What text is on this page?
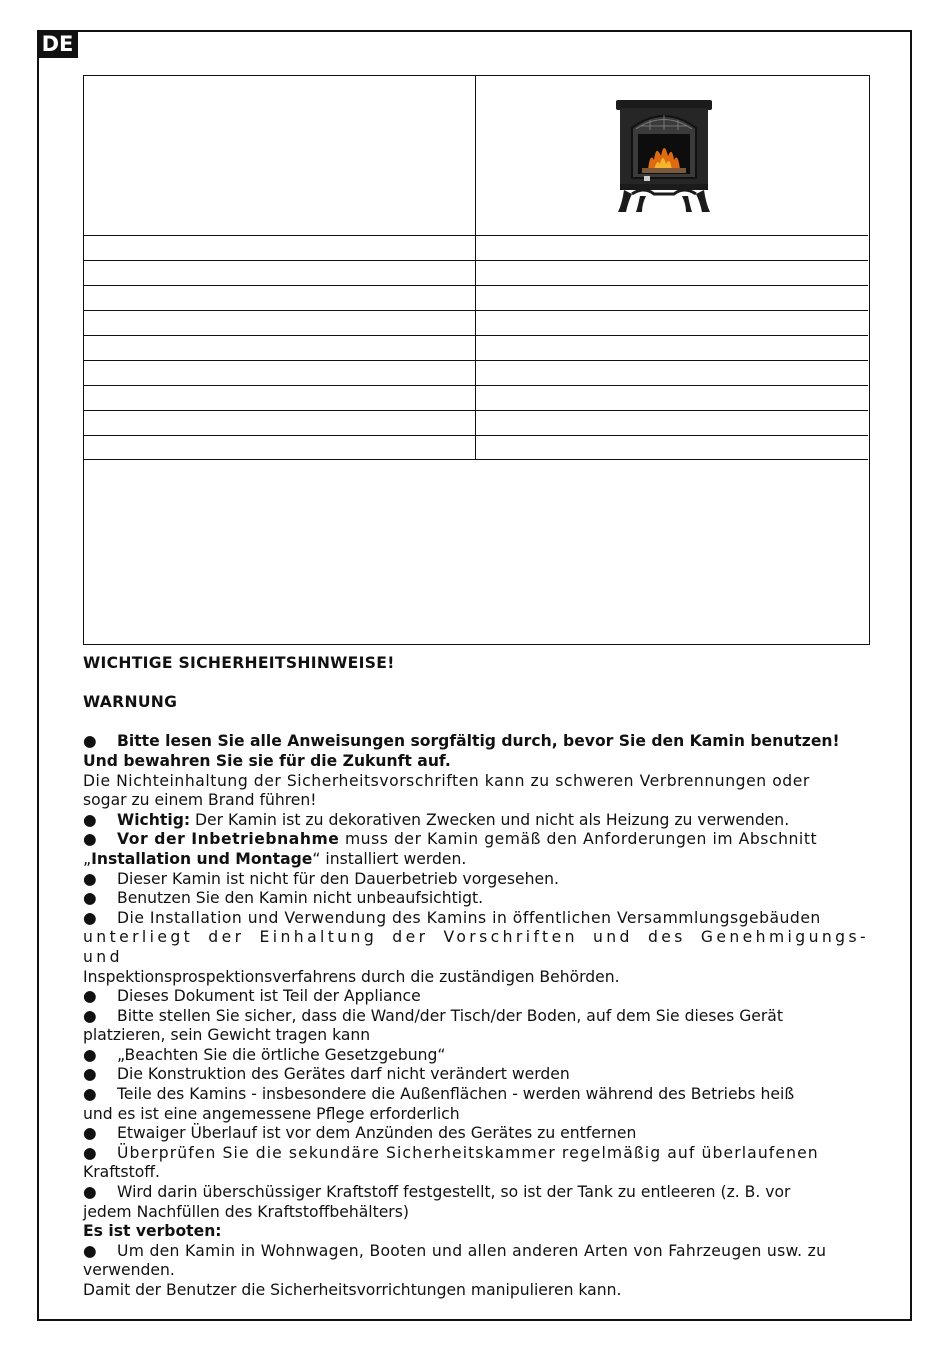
DE
WICHTIGE SICHERHEITSHINWEISE!
WARNUNG

● Bitte lesen Sie alle Anweisungen sorgfältig durch, bevor Sie den Kamin benutzen!

Und bewahren Sie sie für die Zukunft auf.

Die Nichteinhaltung der Sicherheitsvorschriften kann zu schweren Verbrennungen oder

sogar zu einem Brand führen!

● Wichtig: Der Kamin ist zu dekorativen Zwecken und nicht als Heizung zu verwenden.

● Vor der Inbetriebnahme muss der Kamin gemäß den Anforderungen im Abschnitt

„Installation und Montage“ installiert werden.

● Dieser Kamin ist nicht für den Dauerbetrieb vorgesehen.

● Benutzen Sie den Kamin nicht unbeaufsichtigt.

● Die Installation und Verwendung des Kamins in öffentlichen Versammlungsgebäuden

unterliegt der Einhaltung der Vorschriften und des Genehmigungs- und

Inspektionsprospektionsverfahrens durch die zuständigen Behörden.

● Dieses Dokument ist Teil der Appliance

● Bitte stellen Sie sicher, dass die Wand/der Tisch/der Boden, auf dem Sie dieses Gerät

platzieren, sein Gewicht tragen kann

● „Beachten Sie die örtliche Gesetzgebung“

● Die Konstruktion des Gerätes darf nicht verändert werden

● Teile des Kamins - insbesondere die Außenflächen - werden während des Betriebs heiß

und es ist eine angemessene Pflege erforderlich

● Etwaiger Überlauf ist vor dem Anzünden des Gerätes zu entfernen

● Überprüfen Sie die sekundäre Sicherheitskammer regelmäßig auf überlaufenen

Kraftstoff.

● Wird darin überschüssiger Kraftstoff festgestellt, so ist der Tank zu entleeren (z. B. vor

jedem Nachfüllen des Kraftstoffbehälters)

Es ist verboten:

● Um den Kamin in Wohnwagen, Booten und allen anderen Arten von Fahrzeugen usw. zu

verwenden.

Damit der Benutzer die Sicherheitsvorrichtungen manipulieren kann.
